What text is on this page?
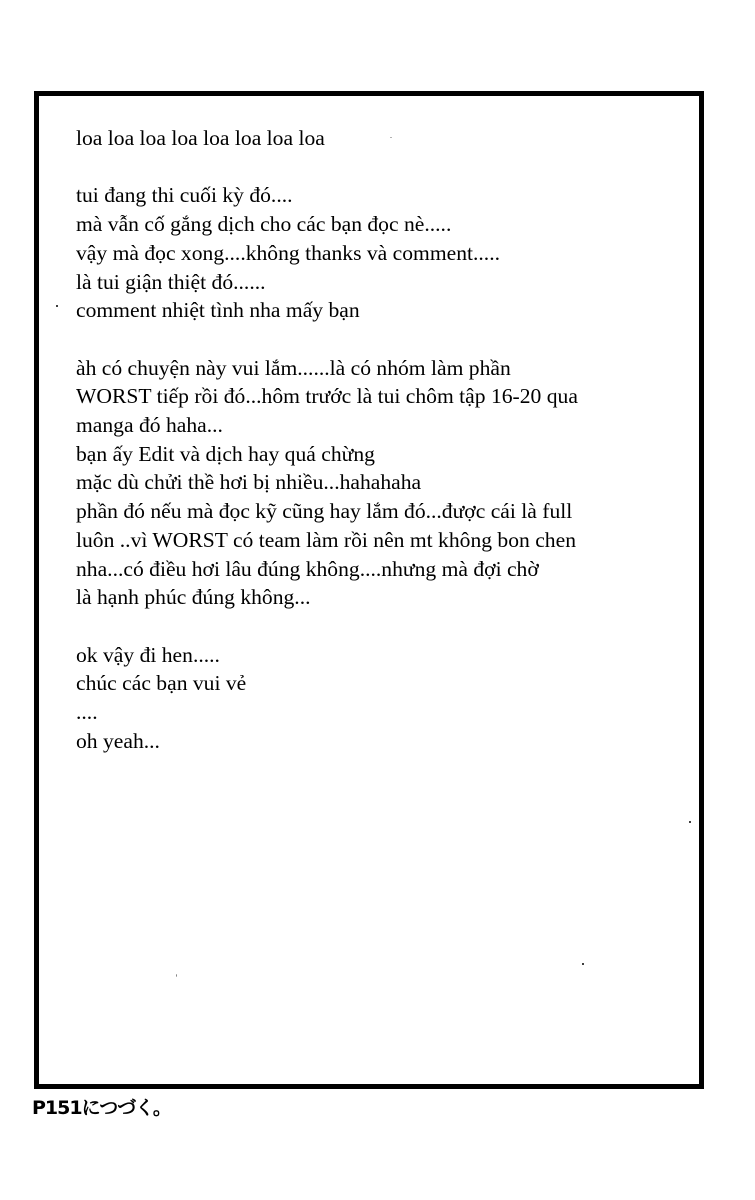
loa loa loa loa loa loa loa loa
tui đang thi cuối kỳ đó....
mà vẫn cố gắng dịch cho các bạn đọc nè.....
vậy mà đọc xong....không thanks và comment.....
là tui giận thiệt đó......
comment nhiệt tình nha mấy bạn
àh có chuyện này vui lắm......là có nhóm làm phần
WORST tiếp rồi đó...hôm trước là tui chôm tập 16-20 qua
manga đó haha...
bạn ấy Edit và dịch hay quá chừng
mặc dù chửi thề hơi bị nhiều...hahahaha
phần đó nếu mà đọc kỹ cũng hay lắm đó...được cái là full
luôn ..vì WORST có team làm rồi nên mt không bon chen
nha...có điều hơi lâu đúng không....nhưng mà đợi chờ
là hạnh phúc đúng không...
ok vậy đi hen.....
chúc các bạn vui vẻ
....
oh yeah...
P151につづく。
